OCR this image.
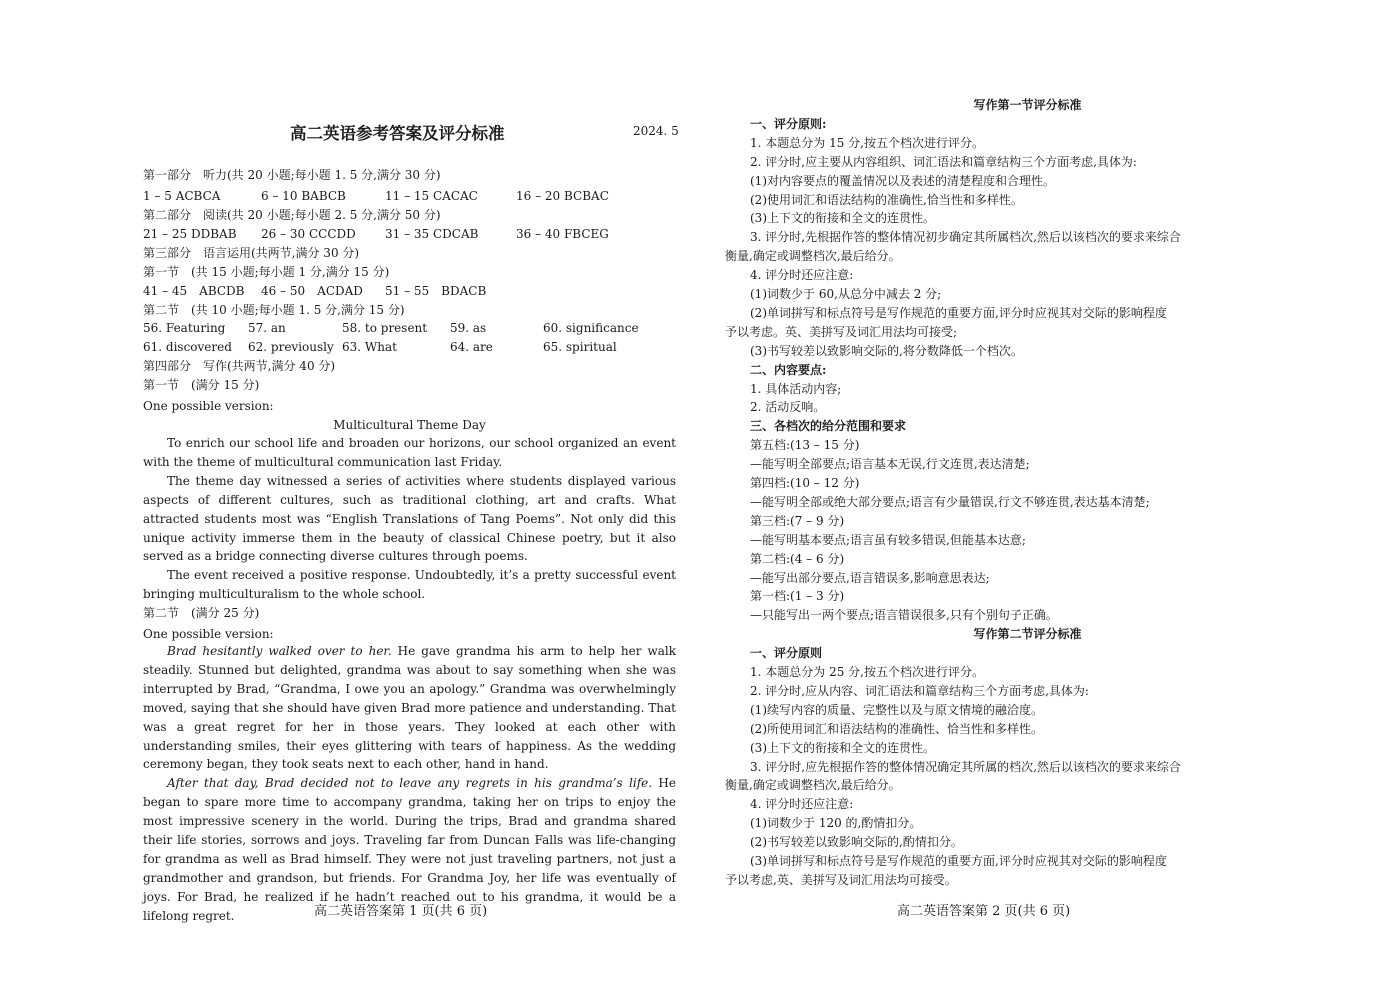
高二英语参考答案及评分标准	2024. 5
第一部分　听力(共 20 小题;每小题 1. 5 分,满分 30 分)
1 – 5 ACBCA	6 – 10 BABCB	11 – 15 CACAC	16 – 20 BCBAC
第二部分　阅读(共 20 小题;每小题 2. 5 分,满分 50 分)
21 – 25 DDBAB 26 – 30 CCCDD 31 – 35 CDCAB	36 – 40 FBCEG
第三部分　语言运用(共两节,满分 30 分)
第一节　(共 15 小题;每小题 1 分,满分 15 分)
41 – 45　ABCDB 46 – 50　ACDAD 51 – 55　BDACB
第二节　(共 10 小题;每小题 1. 5 分,满分 15 分)
56. Featuring 57. an	58. to present 59. as	60. significance
61. discovered 62. previously 63. What	64. are	65. spiritual
第四部分　写作(共两节,满分 40 分)
第一节　(满分 15 分)
One possible version:
Multicultural Theme Day
To enrich our school life and broaden our horizons, our school organized an event with the theme of multicultural communication last Friday.
The theme day witnessed a series of activities where students displayed various aspects of different cultures, such as traditional clothing, art and crafts. What attracted students most was “English Translations of Tang Poems”. Not only did this unique activity immerse them in the beauty of classical Chinese poetry, but it also served as a bridge connecting diverse cultures through poems.
The event received a positive response. Undoubtedly, it’s a pretty successful event bringing multiculturalism to the whole school.
第二节　(满分 25 分)
One possible version:
Brad hesitantly walked over to her. He gave grandma his arm to help her walk steadily. Stunned but delighted, grandma was about to say something when she was interrupted by Brad, “Grandma, I owe you an apology.” Grandma was overwhelmingly moved, saying that she should have given Brad more patience and understanding. That was a great regret for her in those years. They looked at each other with understanding smiles, their eyes glittering with tears of happiness. As the wedding ceremony began, they took seats next to each other, hand in hand.
After that day, Brad decided not to leave any regrets in his grandma’s life. He began to spare more time to accompany grandma, taking her on trips to enjoy the most impressive scenery in the world. During the trips, Brad and grandma shared their life stories, sorrows and joys. Traveling far from Duncan Falls was life-changing for grandma as well as Brad himself. They were not just traveling partners, not just a grandmother and grandson, but friends. For Grandma Joy, her life was eventually of joys. For Brad, he realized if he hadn’t reached out to his grandma, it would be a lifelong regret.	高二英语答案第 1 页(共 6 页)
写作第一节评分标准
一、评分原则:
1. 本题总分为 15 分,按五个档次进行评分。
2. 评分时,应主要从内容组织、词汇语法和篇章结构三个方面考虑,具体为:
(1)对内容要点的覆盖情况以及表述的清楚程度和合理性。
(2)使用词汇和语法结构的准确性,恰当性和多样性。
(3)上下文的衔接和全文的连贯性。
3. 评分时,先根据作答的整体情况初步确定其所属档次,然后以该档次的要求来综合
衡量,确定或调整档次,最后给分。
4. 评分时还应注意:
(1)词数少于 60,从总分中减去 2 分;
(2)单词拼写和标点符号是写作规范的重要方面,评分时应视其对交际的影响程度
予以考虑。英、美拼写及词汇用法均可接受;
(3)书写较差以致影响交际的,将分数降低一个档次。
二、内容要点:
1. 具体活动内容;
2. 活动反响。
三、各档次的给分范围和要求
第五档:(13 – 15 分)
—能写明全部要点;语言基本无误,行文连贯,表达清楚;
第四档:(10 – 12 分)
—能写明全部或绝大部分要点;语言有少量错误,行文不够连贯,表达基本清楚;
第三档:(7 – 9 分)
—能写明基本要点;语言虽有较多错误,但能基本达意;
第二档:(4 – 6 分)
—能写出部分要点,语言错误多,影响意思表达;
第一档:(1 – 3 分)
—只能写出一两个要点;语言错误很多,只有个别句子正确。
写作第二节评分标准
一、评分原则
1. 本题总分为 25 分,按五个档次进行评分。
2. 评分时,应从内容、词汇语法和篇章结构三个方面考虑,具体为:
(1)续写内容的质量、完整性以及与原文情境的融洽度。
(2)所使用词汇和语法结构的准确性、恰当性和多样性。
(3)上下文的衔接和全文的连贯性。
3. 评分时,应先根据作答的整体情况确定其所属的档次,然后以该档次的要求来综合
衡量,确定或调整档次,最后给分。
4. 评分时还应注意:
(1)词数少于 120 的,酌情扣分。
(2)书写较差以致影响交际的,酌情扣分。
(3)单词拼写和标点符号是写作规范的重要方面,评分时应视其对交际的影响程度
予以考虑,英、美拼写及词汇用法均可接受。
高二英语答案第 2 页(共 6 页)
